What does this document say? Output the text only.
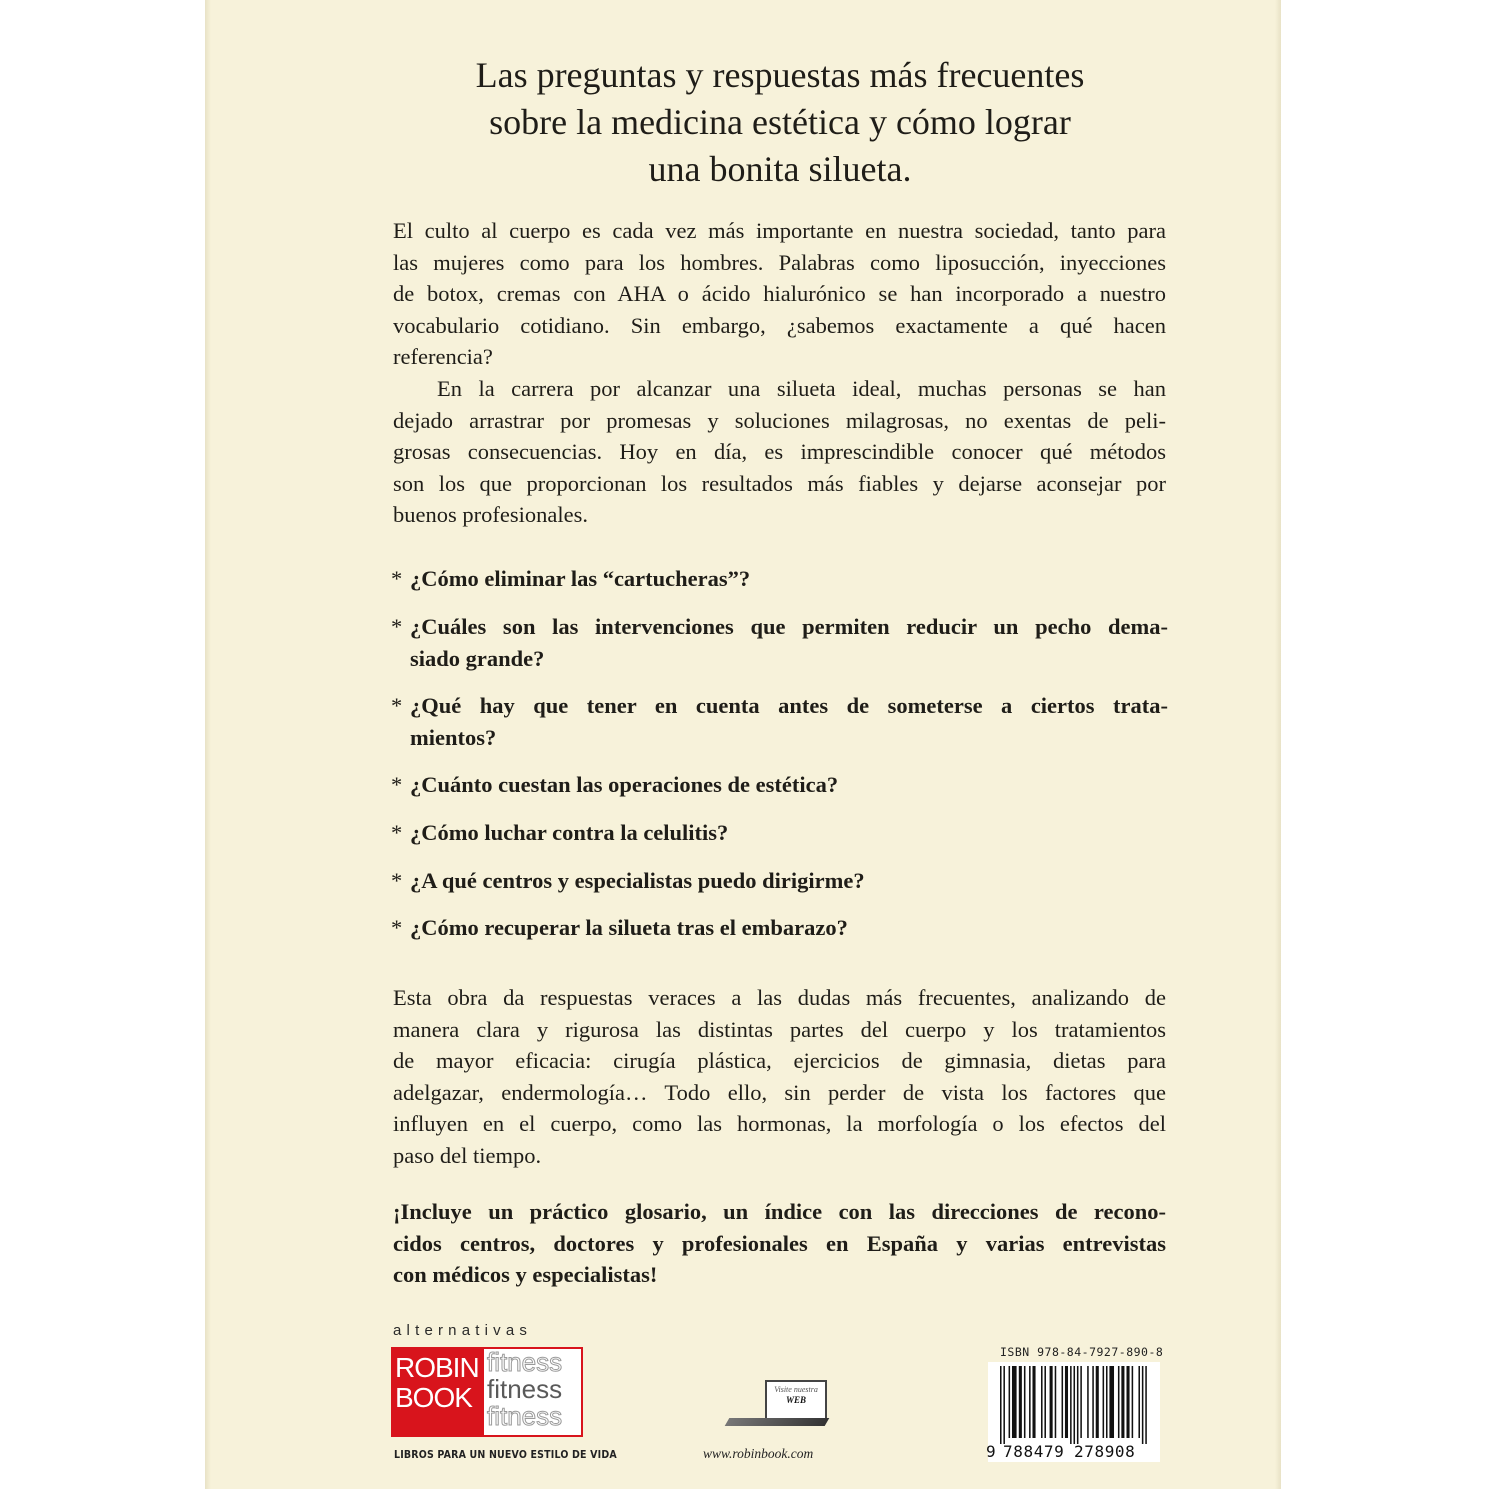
Las preguntas y respuestas más frecuentes
sobre la medicina estética y cómo lograr
una bonita silueta.
El culto al cuerpo es cada vez más importante en nuestra sociedad, tanto para
las mujeres como para los hombres. Palabras como liposucción, inyecciones
de botox, cremas con AHA o ácido hialurónico se han incorporado a nuestro
vocabulario cotidiano. Sin embargo, ¿sabemos exactamente a qué hacen
referencia?
En la carrera por alcanzar una silueta ideal, muchas personas se han
dejado arrastrar por promesas y soluciones milagrosas, no exentas de peli-
grosas consecuencias. Hoy en día, es imprescindible conocer qué métodos
son los que proporcionan los resultados más fiables y dejarse aconsejar por
buenos profesionales.
* ¿Cómo eliminar las “cartucheras”?
* ¿Cuáles son las intervenciones que permiten reducir un pecho dema-
siado grande?
* ¿Qué hay que tener en cuenta antes de someterse a ciertos trata-
mientos?
* ¿Cuánto cuestan las operaciones de estética?
* ¿Cómo luchar contra la celulitis?
* ¿A qué centros y especialistas puedo dirigirme?
* ¿Cómo recuperar la silueta tras el embarazo?
Esta obra da respuestas veraces a las dudas más frecuentes, analizando de
manera clara y rigurosa las distintas partes del cuerpo y los tratamientos
de mayor eficacia: cirugía plástica, ejercicios de gimnasia, dietas para
adelgazar, endermología… Todo ello, sin perder de vista los factores que
influyen en el cuerpo, como las hormonas, la morfología o los efectos del
paso del tiempo.
¡Incluye un práctico glosario, un índice con las direcciones de recono-
cidos centros, doctores y profesionales en España y varias entrevistas
con médicos y especialistas!
alternativas
ROBIN
BOOK
fitness
fitness
fitness
LIBROS PARA UN NUEVO ESTILO DE VIDA
Visite nuestra
WEB
www.robinbook.com
ISBN 978-84-7927-890-8
9 788479 278908
